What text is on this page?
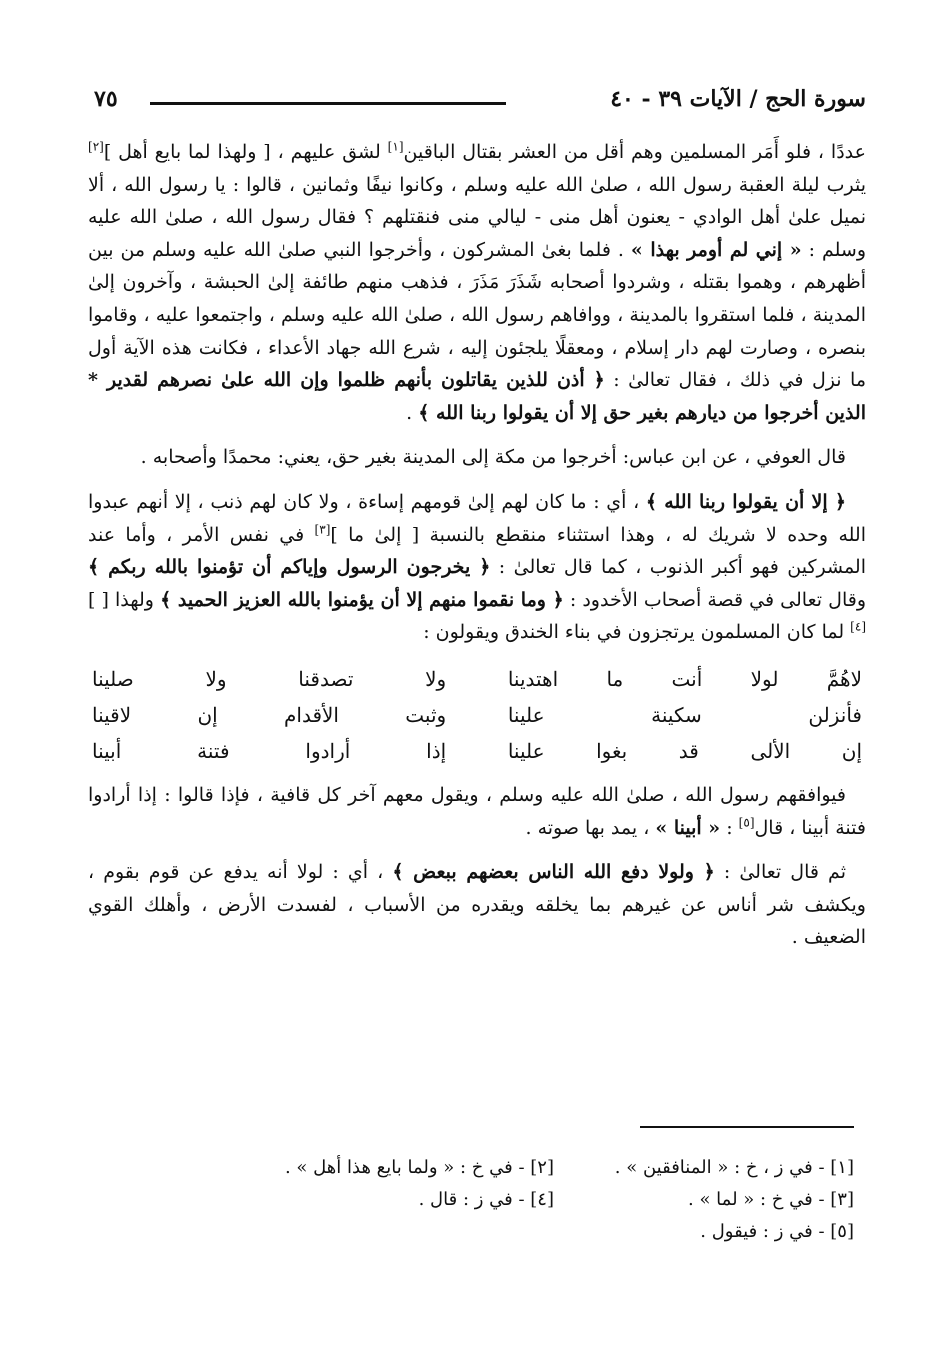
سورة الحج / الآيات ٣٩ - ٤٠
٧٥

عددًا ، فلو أَمَر المسلمين وهم أقل من العشر بقتال الباقين[١] لشق عليهم ، [ ولهذا لما بايع أهل ][٢] يثرب ليلة العقبة رسول الله ، صلىٰ الله عليه وسلم ، وكانوا نيفًا وثمانين ، قالوا : يا رسول الله ، ألا نميل علىٰ أهل الوادي - يعنون أهل منى - ليالي منى فنقتلهم ؟ فقال رسول الله ، صلىٰ الله عليه وسلم : « إني لم أومر بهذا » . فلما بغىٰ المشركون ، وأخرجوا النبي صلىٰ الله عليه وسلم من بين أظهرهم ، وهموا بقتله ، وشردوا أصحابه شَذَرَ مَذَرَ ، فذهب منهم طائفة إلىٰ الحبشة ، وآخرون إلىٰ المدينة ، فلما استقروا بالمدينة ، ووافاهم رسول الله ، صلىٰ الله عليه وسلم ، واجتمعوا عليه ، وقاموا بنصره ، وصارت لهم دار إسلام ، ومعقلًا يلجئون إليه ، شرع الله جهاد الأعداء ، فكانت هذه الآية أول ما نزل في ذلك ، فقال تعالىٰ : ﴿ أذن للذين يقاتلون بأنهم ظلموا وإن الله علىٰ نصرهم لقدير * الذين أخرجوا من ديارهم بغير حق إلا أن يقولوا ربنا الله ﴾ .

قال العوفي ، عن ابن عباس: أخرجوا من مكة إلى المدينة بغير حق، يعني: محمدًا وأصحابه .

﴿ إلا أن يقولوا ربنا الله ﴾ ، أي : ما كان لهم إلىٰ قومهم إساءة ، ولا كان لهم ذنب ، إلا أنهم عبدوا الله وحده لا شريك له ، وهذا استثناء منقطع بالنسبة [ إلىٰ ما ][٣] في نفس الأمر ، وأما عند المشركين فهو أكبر الذنوب ، كما قال تعالىٰ : ﴿ يخرجون الرسول وإياكم أن تؤمنوا بالله ربكم ﴾ وقال تعالى في قصة أصحاب الأخدود : ﴿ وما نقموا منهم إلا أن يؤمنوا بالله العزيز الحميد ﴾ ولهذا [ ][٤] لما كان المسلمون يرتجزون في بناء الخندق ويقولون :

لاهُمَّ لولا أنت ما اهتدينا
ولا تصدقنا ولا صلينا
فأنزلن سكينة علينا
وثبت الأقدام إن لاقينا
إن الألى قد بغوا علينا
إذا أرادوا فتنة أبينا

فيوافقهم رسول الله ، صلىٰ الله عليه وسلم ، ويقول معهم آخر كل قافية ، فإذا قالوا : إذا أرادوا فتنة أبينا ، قال[٥] : « أبينا » ، يمد بها صوته .

ثم قال تعالىٰ : ﴿ ولولا دفع الله الناس بعضهم ببعض ﴾ ، أي : لولا أنه يدفع عن قوم بقوم ، ويكشف شر أناس عن غيرهم بما يخلقه ويقدره من الأسباب ، لفسدت الأرض ، وأهلك القوي الضعيف .

[١] - في ز ، خ : « المنافقين » .
[٢] - في خ : « ولما بايع هذا أهل » .
[٣] - في خ : « لما » .
[٤] - في ز : قال .
[٥] - في ز : فيقول .
